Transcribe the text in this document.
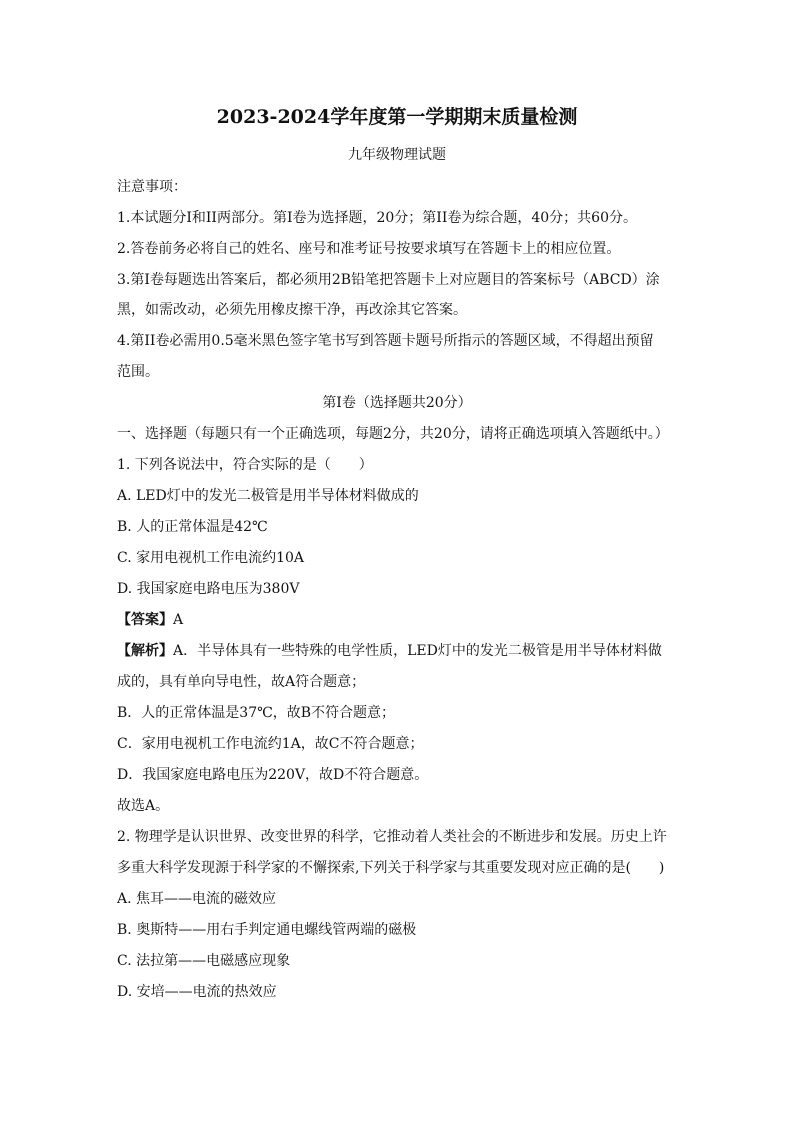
2023-2024学年度第一学期期末质量检测
九年级物理试题
注意事项：
1.本试题分I和II两部分。第I卷为选择题，20分；第II卷为综合题，40分；共60分。
2.答卷前务必将自己的姓名、座号和准考证号按要求填写在答题卡上的相应位置。
3.第I卷每题选出答案后，都必须用2B铅笔把答题卡上对应题目的答案标号（ABCD）涂
黑，如需改动，必须先用橡皮擦干净，再改涂其它答案。
4.第II卷必需用0.5毫米黑色签字笔书写到答题卡题号所指示的答题区域，不得超出预留
范围。
第I卷（选择题共20分）
一、选择题（每题只有一个正确选项，每题2分，共20分，请将正确选项填入答题纸中。）
1. 下列各说法中，符合实际的是（　　）
A. LED灯中的发光二极管是用半导体材料做成的
B. 人的正常体温是42℃
C. 家用电视机工作电流约10A
D. 我国家庭电路电压为380V
【答案】A
【解析】A．半导体具有一些特殊的电学性质，LED灯中的发光二极管是用半导体材料做
成的，具有单向导电性，故A符合题意；
B．人的正常体温是37℃，故B不符合题意；
C．家用电视机工作电流约1A，故C不符合题意；
D．我国家庭电路电压为220V，故D不符合题意。
故选A。
2. 物理学是认识世界、改变世界的科学，它推动着人类社会的不断进步和发展。历史上许
多重大科学发现源于科学家的不懈探索,下列关于科学家与其重要发现对应正确的是(　　)
A. 焦耳——电流的磁效应
B. 奥斯特——用右手判定通电螺线管两端的磁极
C. 法拉第——电磁感应现象
D. 安培——电流的热效应
